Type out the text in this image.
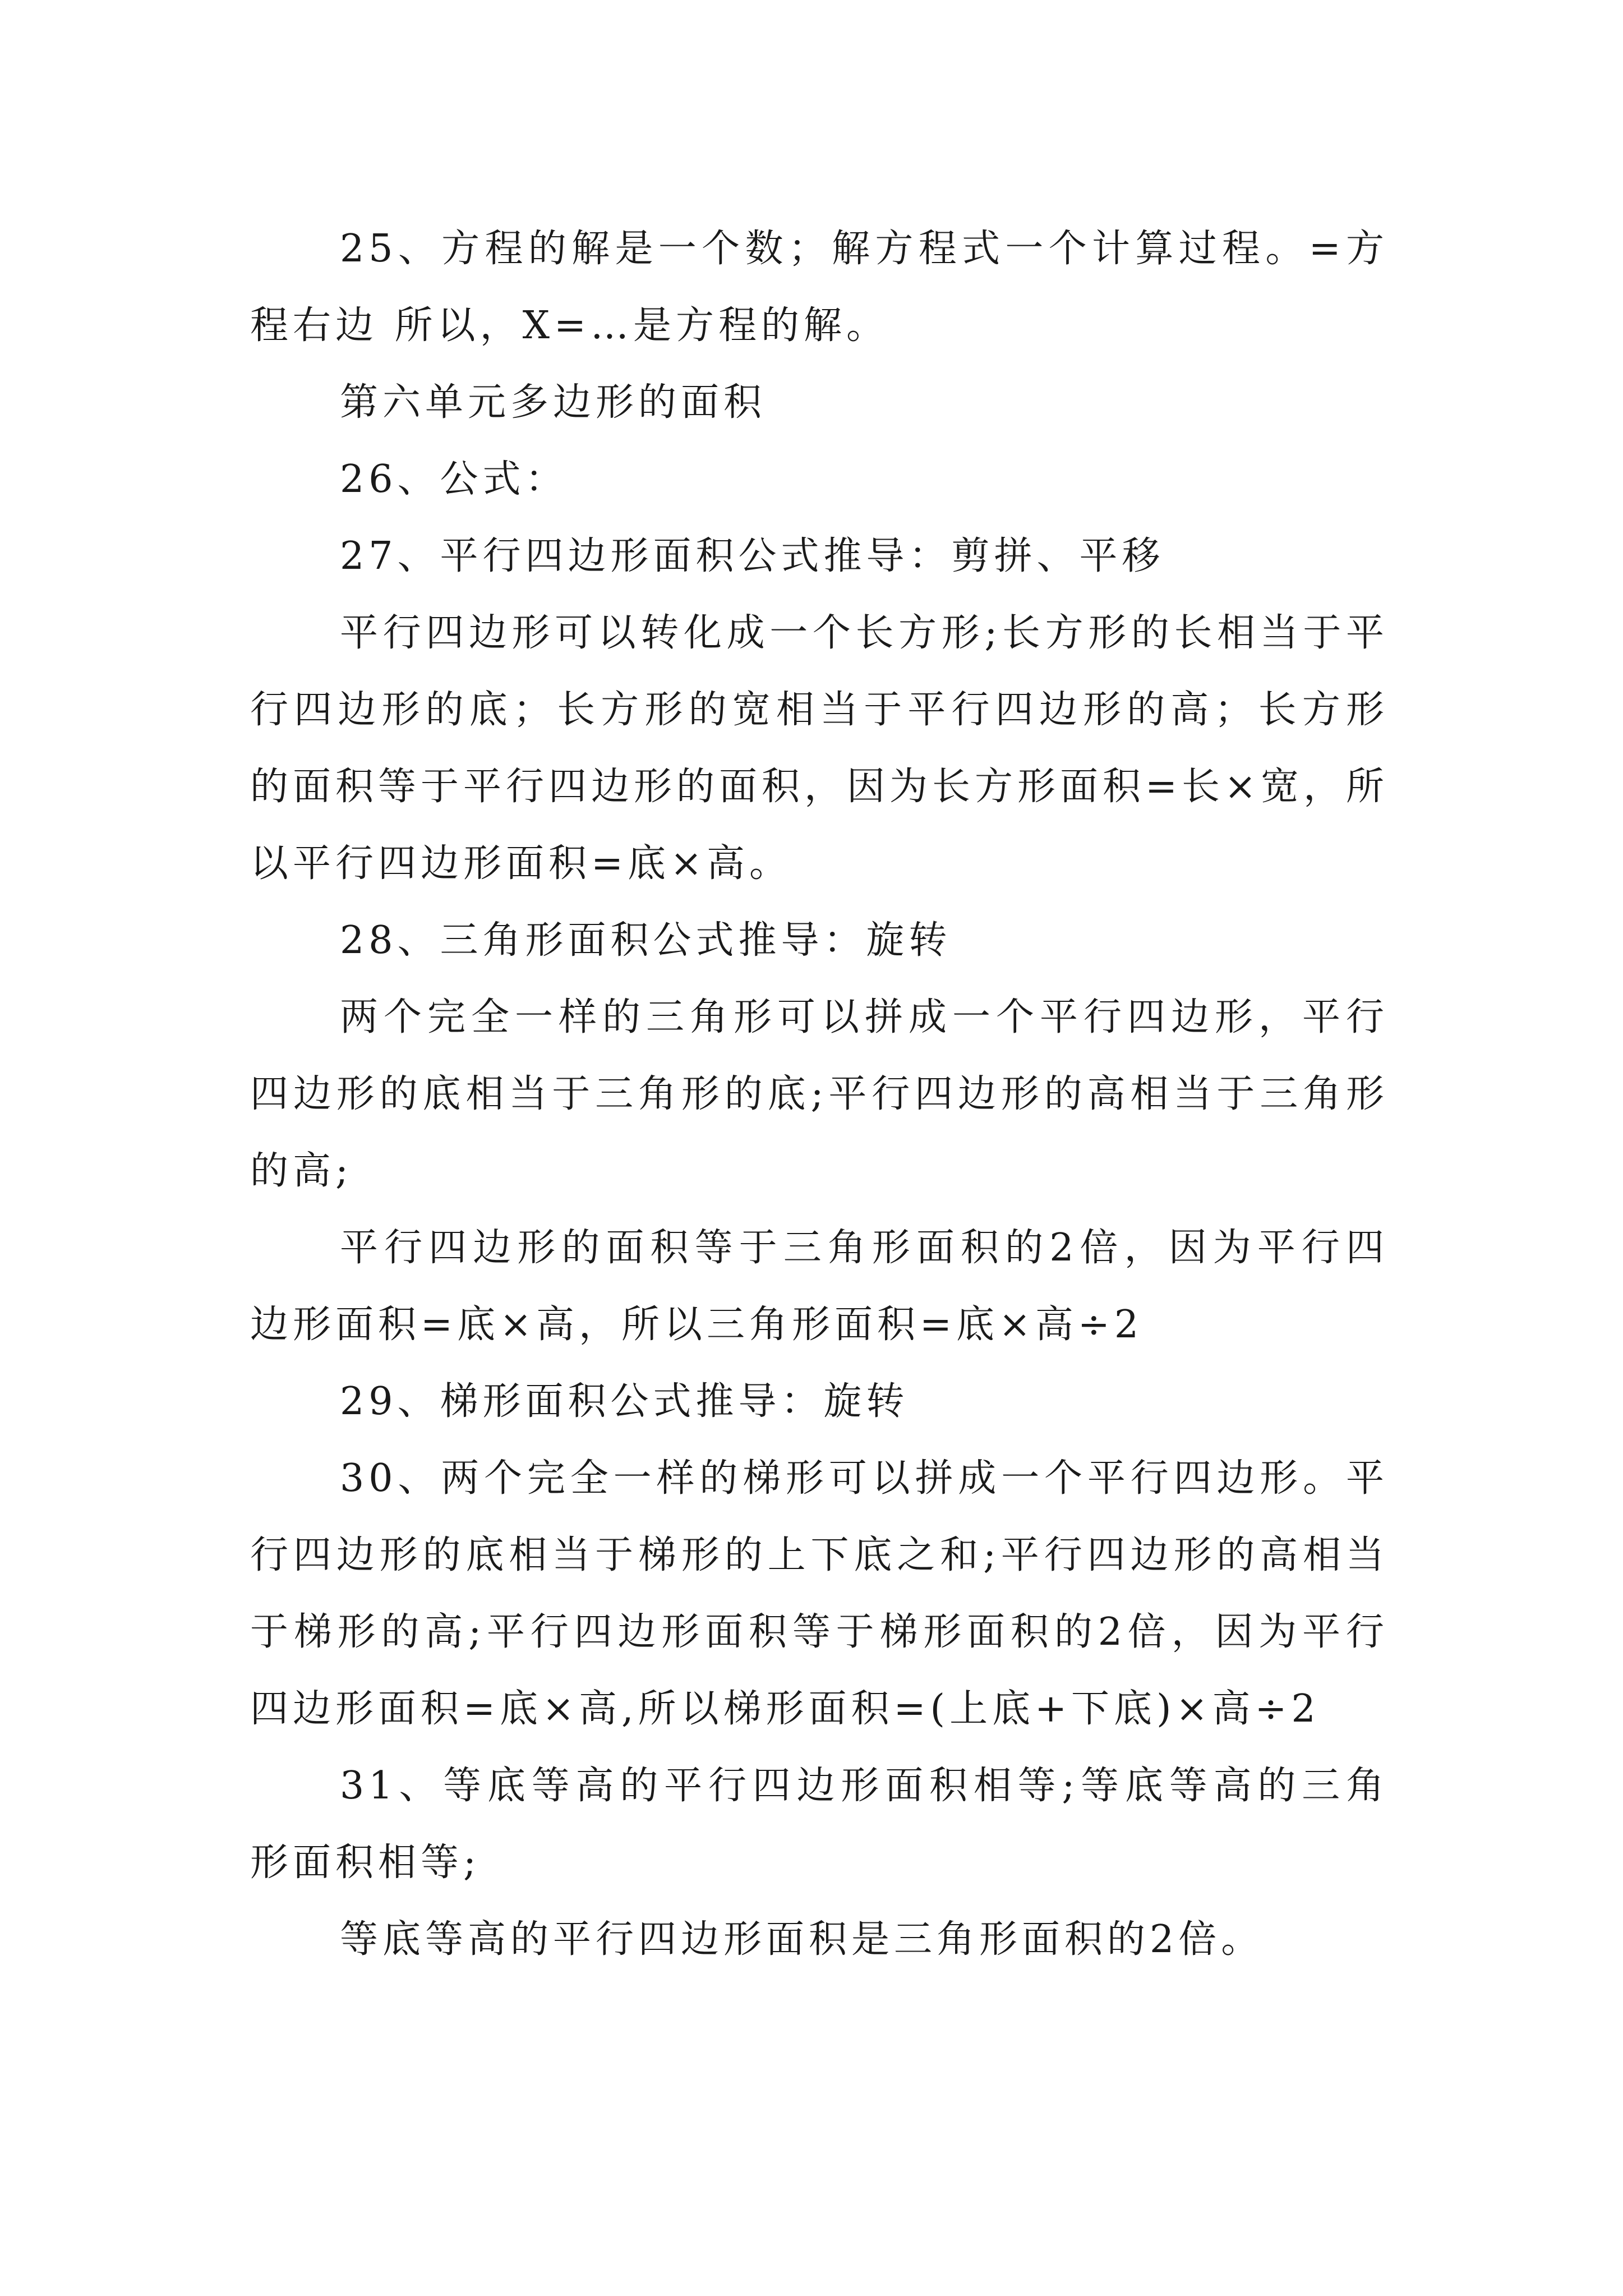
25、方程的解是一个数；解方程式一个计算过程。=方程右边 所以，X=…是方程的解。

第六单元多边形的面积

26、公式：

27、平行四边形面积公式推导：剪拼、平移

平行四边形可以转化成一个长方形;长方形的长相当于平行四边形的底；长方形的宽相当于平行四边形的高；长方形的面积等于平行四边形的面积，因为长方形面积=长×宽，所以平行四边形面积=底×高。

28、三角形面积公式推导：旋转

两个完全一样的三角形可以拼成一个平行四边形，平行四边形的底相当于三角形的底;平行四边形的高相当于三角形的高;

平行四边形的面积等于三角形面积的2倍，因为平行四边形面积=底×高，所以三角形面积=底×高÷2

29、梯形面积公式推导：旋转

30、两个完全一样的梯形可以拼成一个平行四边形。平行四边形的底相当于梯形的上下底之和;平行四边形的高相当于梯形的高;平行四边形面积等于梯形面积的2倍，因为平行四边形面积=底×高,所以梯形面积=(上底+下底)×高÷2

31、等底等高的平行四边形面积相等;等底等高的三角形面积相等;

等底等高的平行四边形面积是三角形面积的2倍。
